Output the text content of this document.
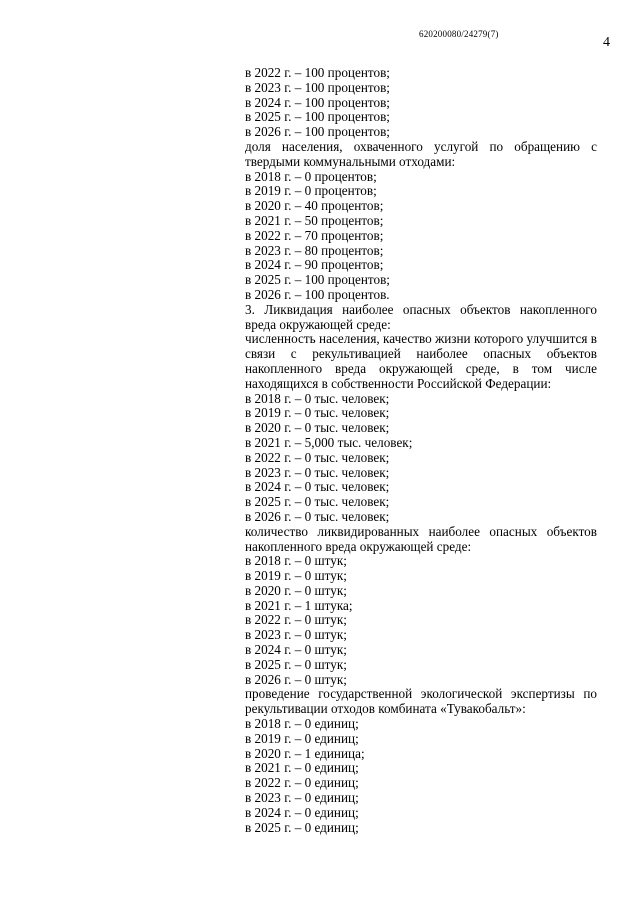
620200080/24279(7)
4
в 2022 г. – 100 процентов;
в 2023 г. – 100 процентов;
в 2024 г. – 100 процентов;
в 2025 г. – 100 процентов;
в 2026 г. – 100 процентов;
доля населения, охваченного услугой по обращению с твердыми коммунальными отходами:
в 2018 г. – 0 процентов;
в 2019 г. – 0 процентов;
в 2020 г. – 40 процентов;
в 2021 г. – 50 процентов;
в 2022 г. – 70 процентов;
в 2023 г. – 80 процентов;
в 2024 г. – 90 процентов;
в 2025 г. – 100 процентов;
в 2026 г. – 100 процентов.
3. Ликвидация наиболее опасных объектов накопленного вреда окружающей среде:
численность населения, качество жизни которого улучшится в связи с рекультивацией наиболее опасных объектов накопленного вреда окружающей среде, в том числе находящихся в собственности Российской Федерации:
в 2018 г. – 0 тыс. человек;
в 2019 г. – 0 тыс. человек;
в 2020 г. – 0 тыс. человек;
в 2021 г. – 5,000 тыс. человек;
в 2022 г. – 0 тыс. человек;
в 2023 г. – 0 тыс. человек;
в 2024 г. – 0 тыс. человек;
в 2025 г. – 0 тыс. человек;
в 2026 г. – 0 тыс. человек;
количество ликвидированных наиболее опасных объектов накопленного вреда окружающей среде:
в 2018 г. – 0 штук;
в 2019 г. – 0 штук;
в 2020 г. – 0 штук;
в 2021 г. – 1 штука;
в 2022 г. – 0 штук;
в 2023 г. – 0 штук;
в 2024 г. – 0 штук;
в 2025 г. – 0 штук;
в 2026 г. – 0 штук;
проведение государственной экологической экспертизы по рекультивации отходов комбината «Тувакобальт»:
в 2018 г. – 0 единиц;
в 2019 г. – 0 единиц;
в 2020 г. – 1 единица;
в 2021 г. – 0 единиц;
в 2022 г. – 0 единиц;
в 2023 г. – 0 единиц;
в 2024 г. – 0 единиц;
в 2025 г. – 0 единиц;
